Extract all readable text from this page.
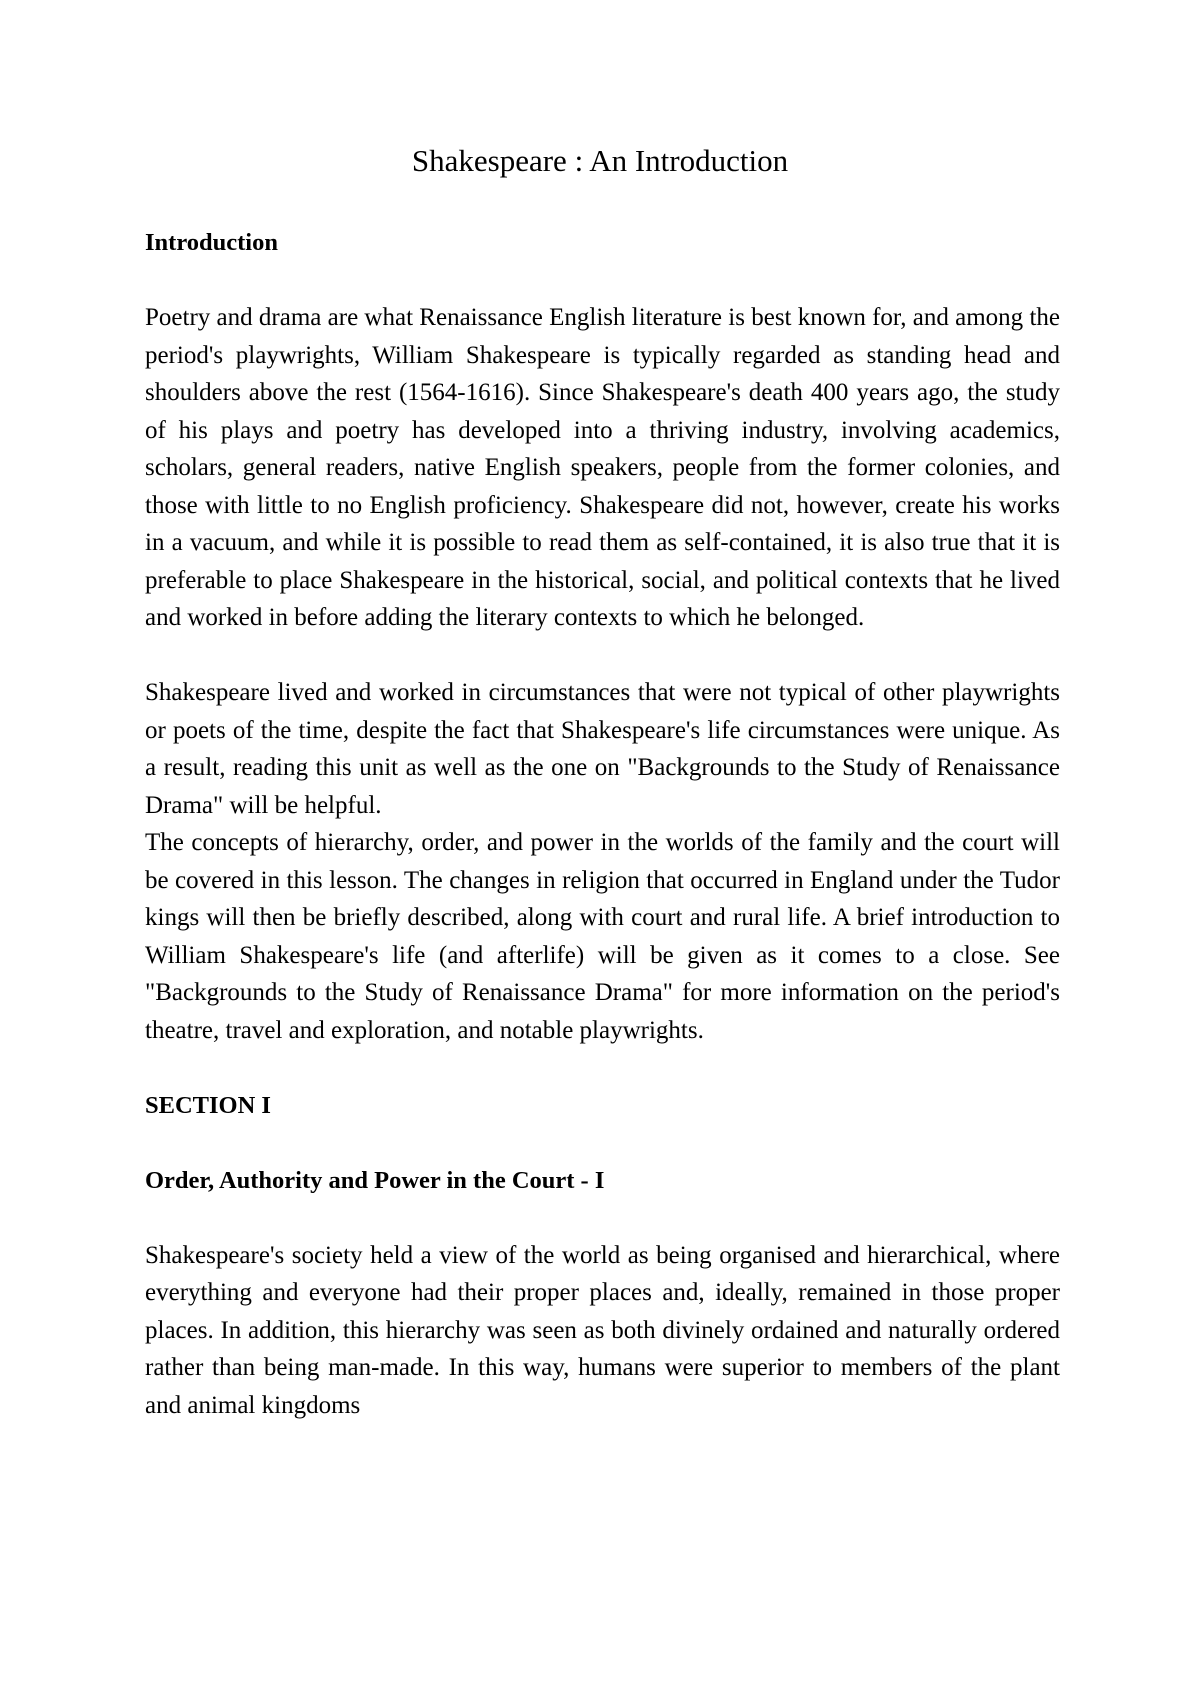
Shakespeare : An Introduction

Introduction

Poetry and drama are what Renaissance English literature is best known for, and among the period's playwrights, William Shakespeare is typically regarded as standing head and shoulders above the rest (1564-1616). Since Shakespeare's death 400 years ago, the study of his plays and poetry has developed into a thriving industry, involving academics, scholars, general readers, native English speakers, people from the former colonies, and those with little to no English proficiency. Shakespeare did not, however, create his works in a vacuum, and while it is possible to read them as self-contained, it is also true that it is preferable to place Shakespeare in the historical, social, and political contexts that he lived and worked in before adding the literary contexts to which he belonged.

Shakespeare lived and worked in circumstances that were not typical of other playwrights or poets of the time, despite the fact that Shakespeare's life circumstances were unique. As a result, reading this unit as well as the one on "Backgrounds to the Study of Renaissance Drama" will be helpful.

The concepts of hierarchy, order, and power in the worlds of the family and the court will be covered in this lesson. The changes in religion that occurred in England under the Tudor kings will then be briefly described, along with court and rural life. A brief introduction to William Shakespeare's life (and afterlife) will be given as it comes to a close. See "Backgrounds to the Study of Renaissance Drama" for more information on the period's theatre, travel and exploration, and notable playwrights.

SECTION I

Order, Authority and Power in the Court - I

Shakespeare's society held a view of the world as being organised and hierarchical, where everything and everyone had their proper places and, ideally, remained in those proper places. In addition, this hierarchy was seen as both divinely ordained and naturally ordered rather than being man-made. In this way, humans were superior to members of the plant and animal kingdoms
